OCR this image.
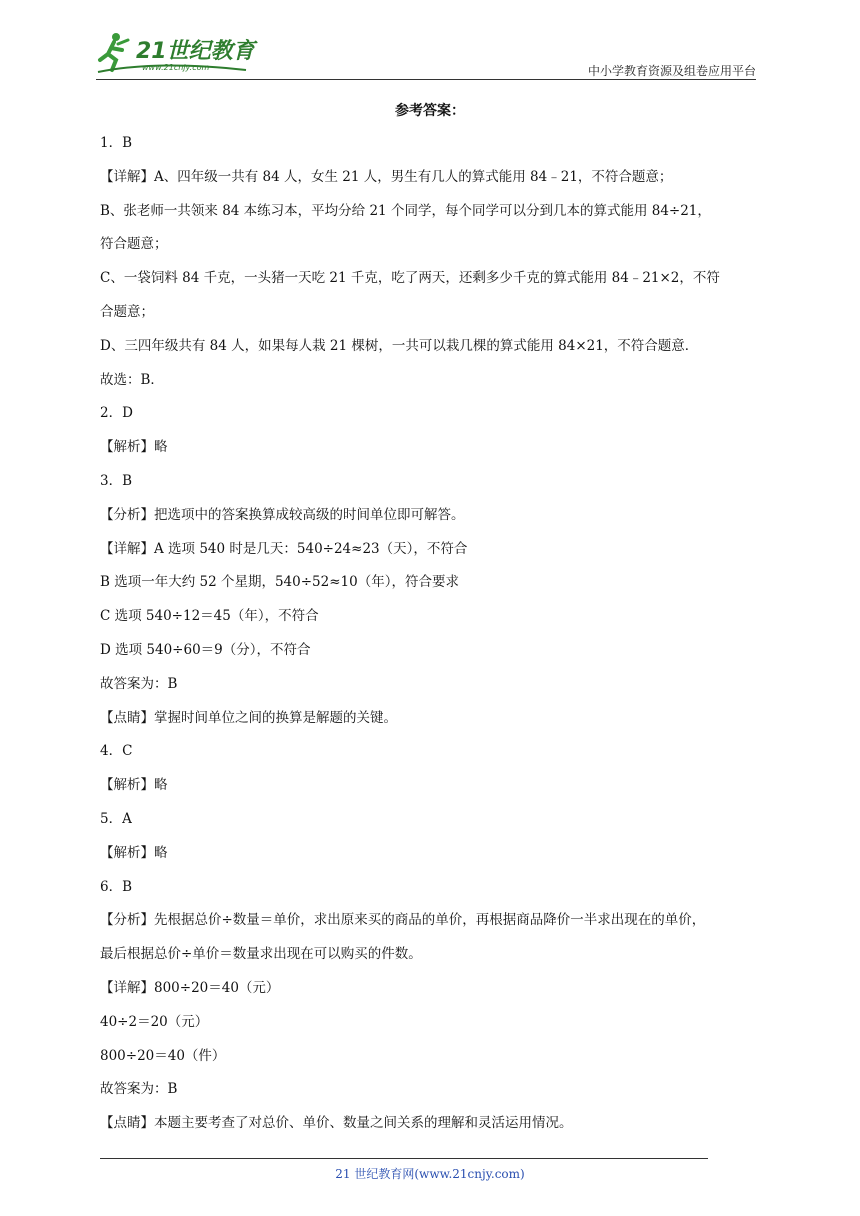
21世纪教育
www.21cnjy.com	中小学教育资源及组卷应用平台
参考答案：
1．B
【详解】A、四年级一共有 84 人，女生 21 人，男生有几人的算式能用 84﹣21，不符合题意；
B、张老师一共领来 84 本练习本，平均分给 21 个同学，每个同学可以分到几本的算式能用 84÷21，
符合题意；
C、一袋饲料 84 千克，一头猪一天吃 21 千克，吃了两天，还剩多少千克的算式能用 84﹣21×2，不符
合题意；
D、三四年级共有 84 人，如果每人栽 21 棵树，一共可以栽几棵的算式能用 84×21，不符合题意．
故选：B．
2．D
【解析】略
3．B
【分析】把选项中的答案换算成较高级的时间单位即可解答。
【详解】A 选项 540 时是几天：540÷24≈23（天），不符合
B 选项一年大约 52 个星期，540÷52≈10（年），符合要求
C 选项 540÷12＝45（年），不符合
D 选项 540÷60＝9（分），不符合
故答案为：B
【点睛】掌握时间单位之间的换算是解题的关键。
4．C
【解析】略
5．A
【解析】略
6．B
【分析】先根据总价÷数量＝单价，求出原来买的商品的单价，再根据商品降价一半求出现在的单价，
最后根据总价÷单价＝数量求出现在可以购买的件数。
【详解】800÷20＝40（元）
40÷2＝20（元）
800÷20＝40（件）
故答案为：B
【点睛】本题主要考查了对总价、单价、数量之间关系的理解和灵活运用情况。
21 世纪教育网(www.21cnjy.com)
